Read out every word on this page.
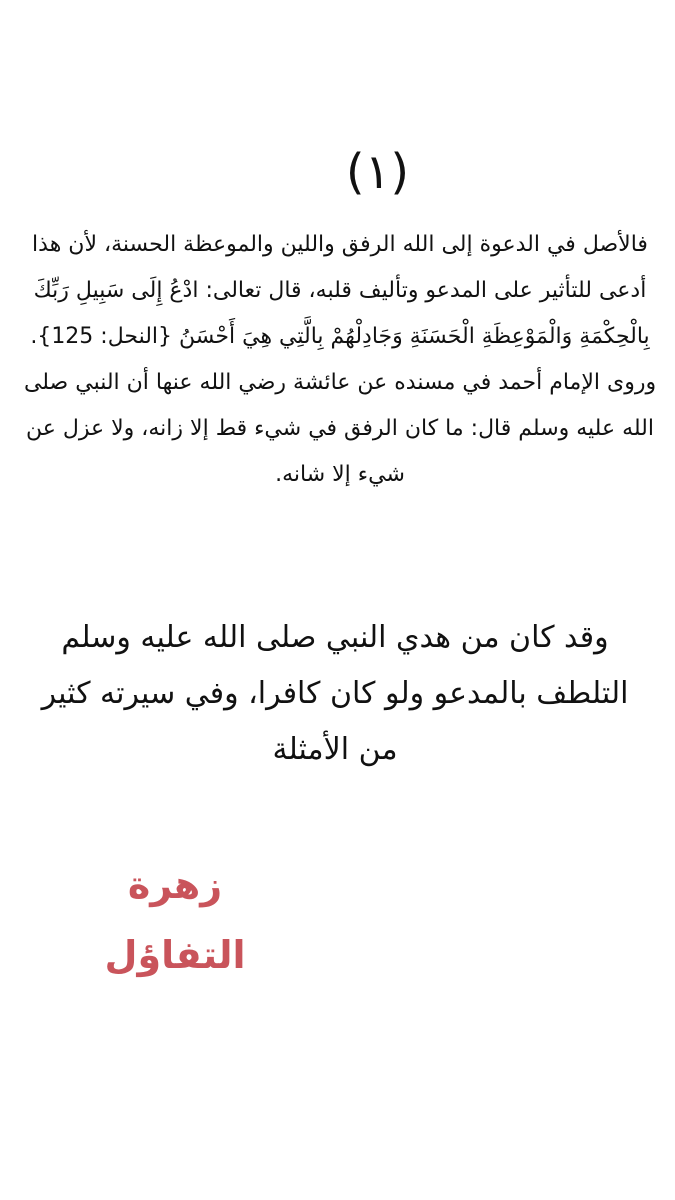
(١)

فالأصل في الدعوة إلى الله الرفق واللين والموعظة الحسنة، لأن هذا أدعى للتأثير على المدعو وتأليف قلبه، قال تعالى: ادْعُ إِلَى سَبِيلِ رَبِّكَ بِالْحِكْمَةِ وَالْمَوْعِظَةِ الْحَسَنَةِ وَجَادِلْهُمْ بِالَّتِي هِيَ أَحْسَنُ {النحل: 125}. وروى الإمام أحمد في مسنده عن عائشة رضي الله عنها أن النبي صلى الله عليه وسلم قال: ما كان الرفق في شيء قط إلا زانه، ولا عزل عن شيء إلا شانه.

وقد كان من هدي النبي صلى الله عليه وسلم التلطف بالمدعو ولو كان كافرا، وفي سيرته كثير من الأمثلة

زهرة التفاؤل
